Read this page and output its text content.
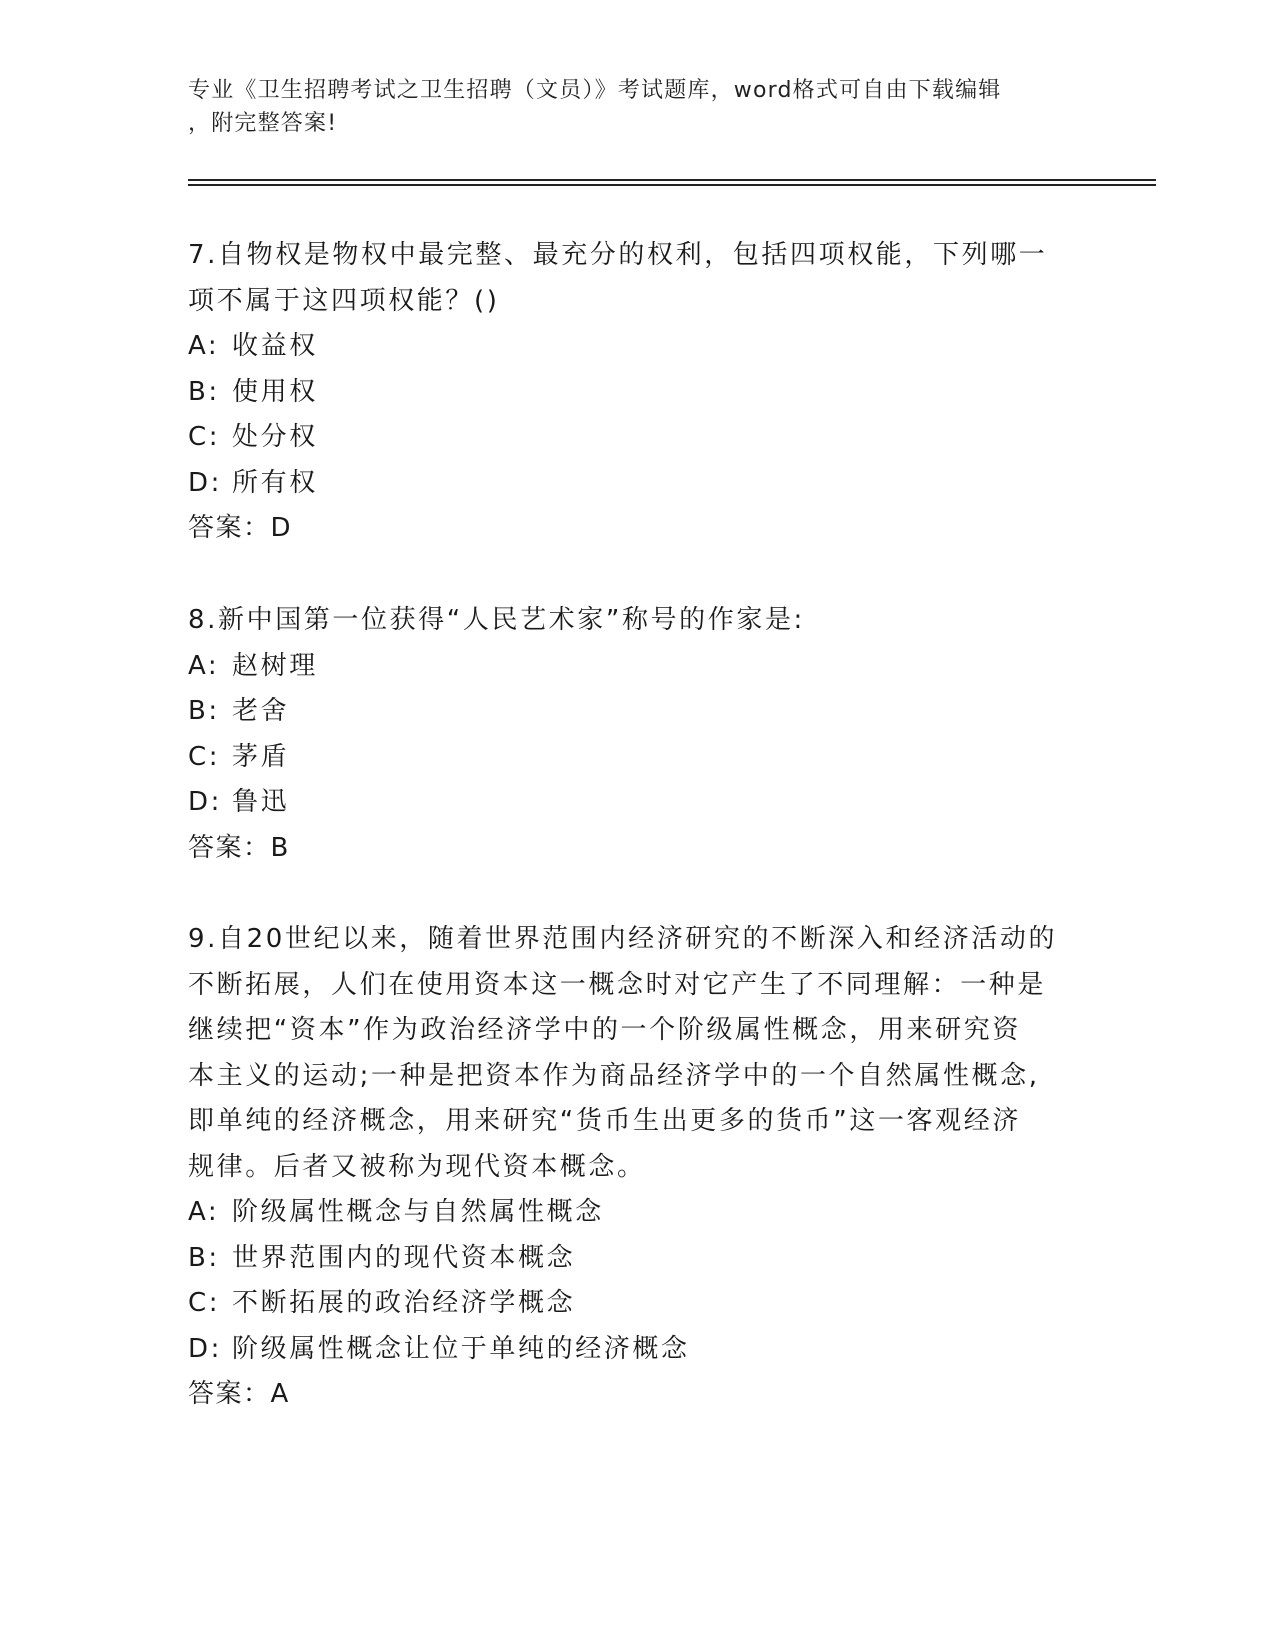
专业《卫生招聘考试之卫生招聘（文员）》考试题库，word格式可自由下载编辑
，附完整答案!
7.自物权是物权中最完整、最充分的权利，包括四项权能，下列哪一
项不属于这四项权能？()
A: 收益权
B: 使用权
C: 处分权
D: 所有权
答案：D
8.新中国第一位获得“人民艺术家”称号的作家是:
A: 赵树理
B: 老舍
C: 茅盾
D: 鲁迅
答案：B
9.自20世纪以来，随着世界范围内经济研究的不断深入和经济活动的
不断拓展，人们在使用资本这一概念时对它产生了不同理解：一种是
继续把“资本”作为政治经济学中的一个阶级属性概念，用来研究资
本主义的运动;一种是把资本作为商品经济学中的一个自然属性概念,
即单纯的经济概念，用来研究“货币生出更多的货币”这一客观经济
规律。后者又被称为现代资本概念。
A: 阶级属性概念与自然属性概念
B: 世界范围内的现代资本概念
C: 不断拓展的政治经济学概念
D: 阶级属性概念让位于单纯的经济概念
答案：A
